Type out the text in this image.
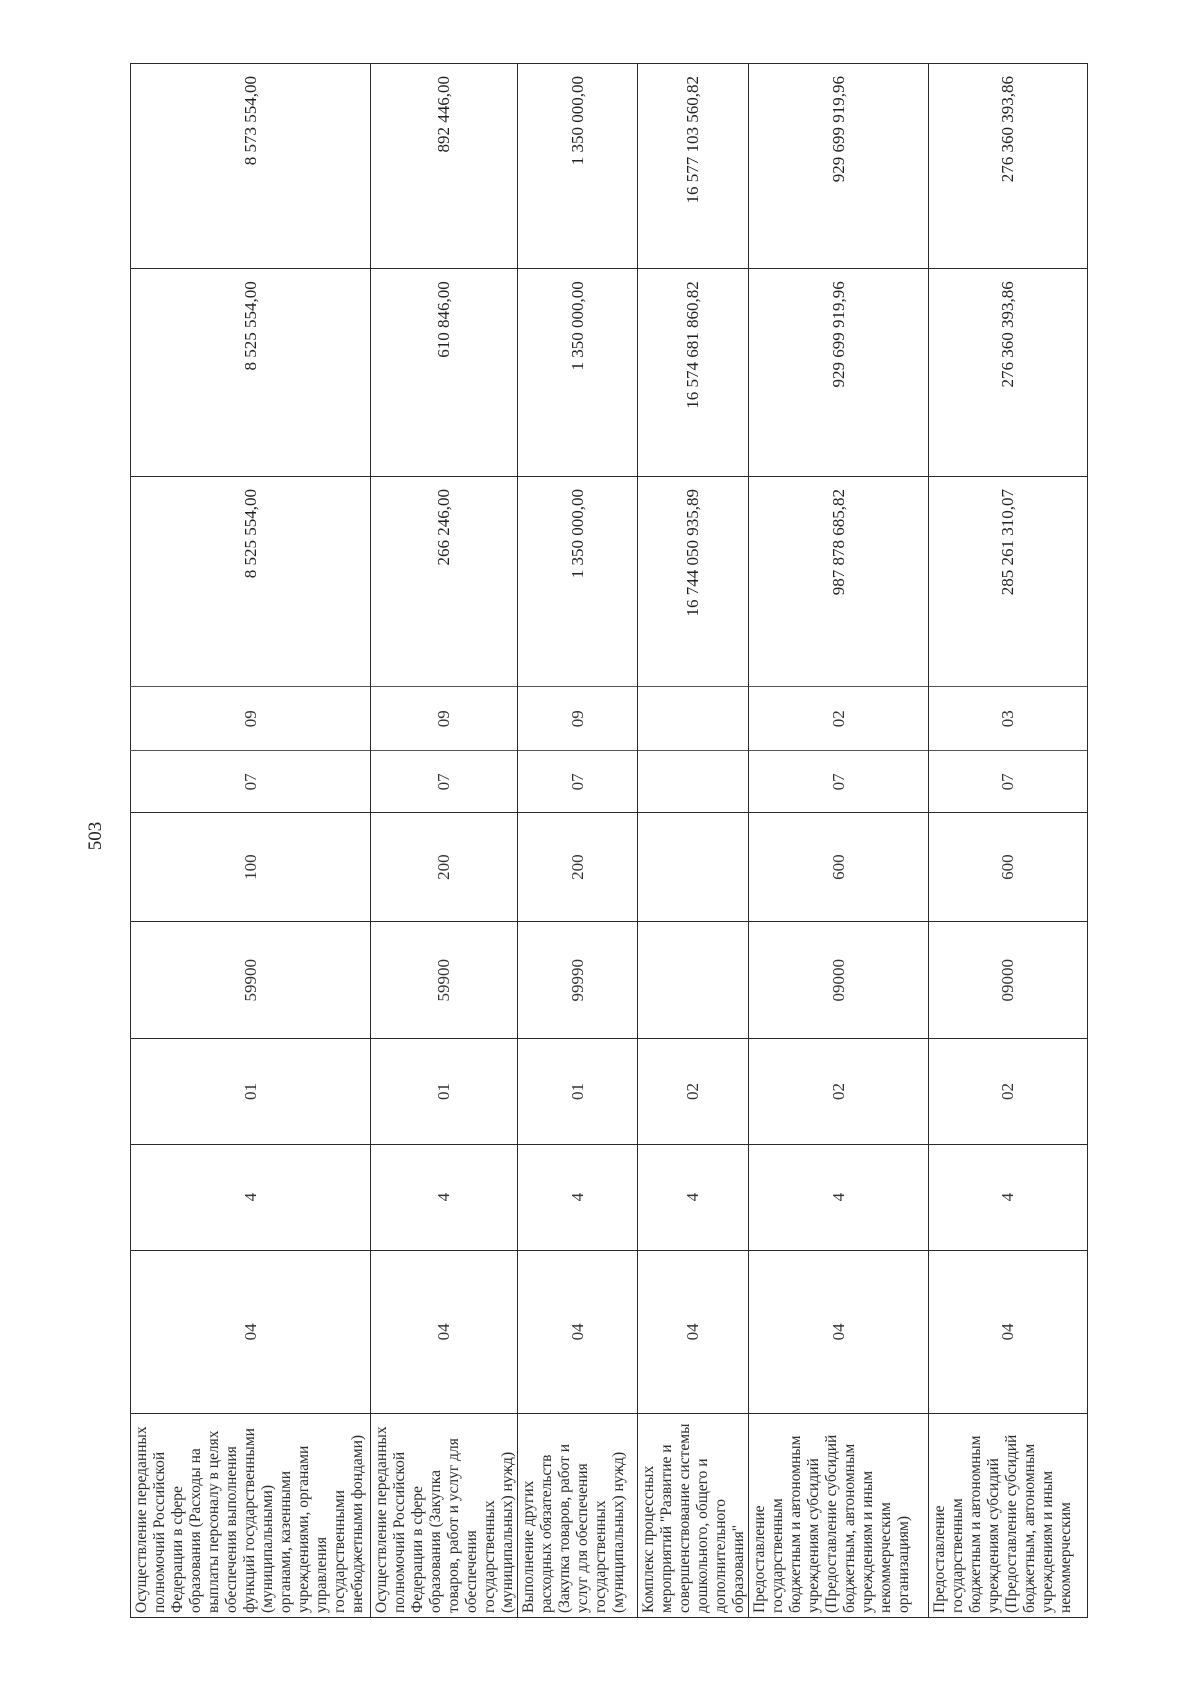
503
Осуществление переданных полномочий Российской Федерации в сфере образования (Расходы на выплаты персоналу в целях обеспечения выполнения функций государственными (муниципальными) органами, казенными учреждениями, органами управления государственными внебюджетными фондами)	04	4	01	59900	100	07	09	8 525 554,00	8 525 554,00	8 573 554,00
Осуществление переданных полномочий Российской Федерации в сфере образования (Закупка товаров, работ и услуг для обеспечения государственных (муниципальных) нужд)	04	4	01	59900	200	07	09	266 246,00	610 846,00	892 446,00
Выполнение других расходных обязательств (Закупка товаров, работ и услуг для обеспечения государственных (муниципальных) нужд)	04	4	01	99990	200	07	09	1 350 000,00	1 350 000,00	1 350 000,00
Комплекс процессных мероприятий "Развитие и совершенствование системы дошкольного, общего и дополнительного образования"	04	4	02					16 744 050 935,89	16 574 681 860,82	16 577 103 560,82
Предоставление государственным бюджетным и автономным учреждениям субсидий (Предоставление субсидий бюджетным, автономным учреждениям и иным некоммерческим организациям)	04	4	02	09000	600	07	02	987 878 685,82	929 699 919,96	929 699 919,96
Предоставление государственным бюджетным и автономным учреждениям субсидий (Предоставление субсидий бюджетным, автономным учреждениям и иным некоммерческим	04	4	02	09000	600	07	03	285 261 310,07	276 360 393,86	276 360 393,86
